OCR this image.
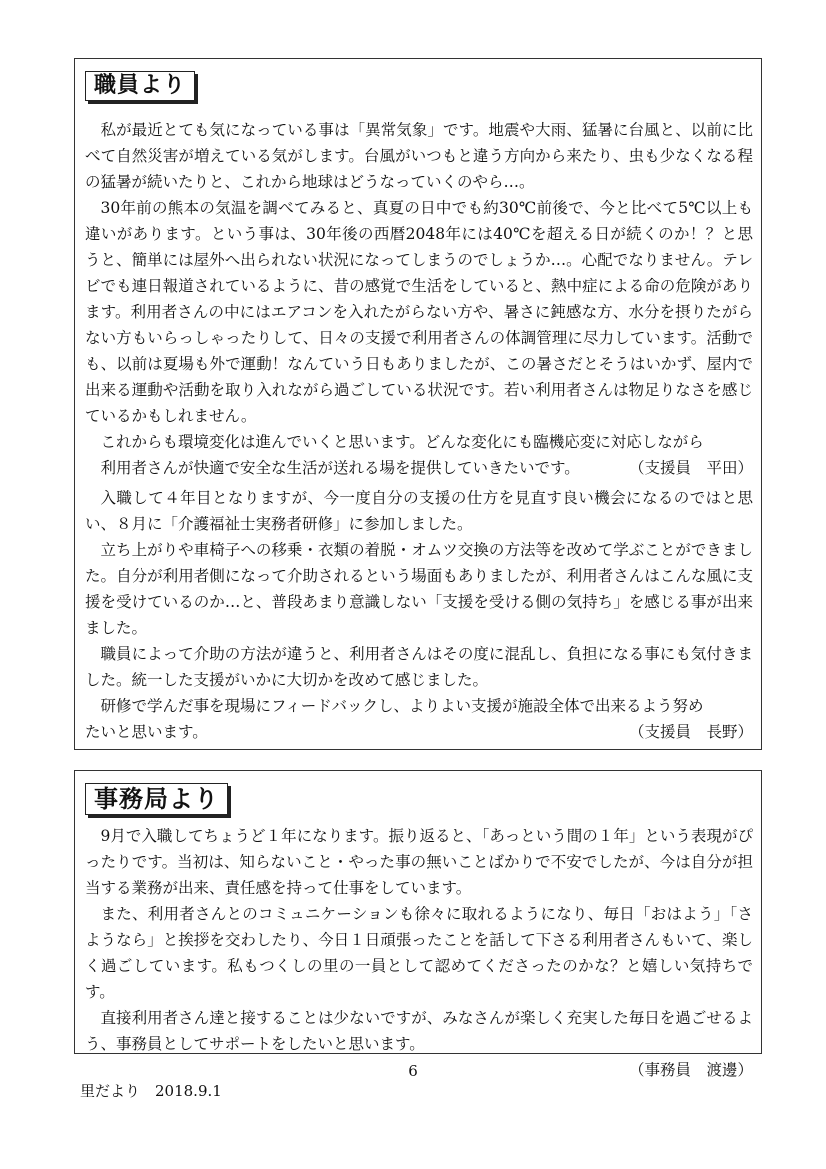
職員より

私が最近とても気になっている事は「異常気象」です。地震や大雨、猛暑に台風と、以前に比べて自然災害が増えている気がします。台風がいつもと違う方向から来たり、虫も少なくなる程の猛暑が続いたりと、これから地球はどうなっていくのやら…。

30年前の熊本の気温を調べてみると、真夏の日中でも約30℃前後で、今と比べて5℃以上も違いがあります。という事は、30年後の西暦2048年には40℃を超える日が続くのか！？と思うと、簡単には屋外へ出られない状況になってしまうのでしょうか…。心配でなりません。テレビでも連日報道されているように、昔の感覚で生活をしていると、熱中症による命の危険があります。利用者さんの中にはエアコンを入れたがらない方や、暑さに鈍感な方、水分を摂りたがらない方もいらっしゃったりして、日々の支援で利用者さんの体調管理に尽力しています。活動でも、以前は夏場も外で運動！なんていう日もありましたが、この暑さだとそうはいかず、屋内で出来る運動や活動を取り入れながら過ごしている状況です。若い利用者さんは物足りなさを感じているかもしれません。

これからも環境変化は進んでいくと思います。どんな変化にも臨機応変に対応しながら

利用者さんが快適で安全な生活が送れる場を提供していきたいです。	（支援員　平田）

入職して４年目となりますが、今一度自分の支援の仕方を見直す良い機会になるのではと思い、８月に「介護福祉士実務者研修」に参加しました。

立ち上がりや車椅子への移乗・衣類の着脱・オムツ交換の方法等を改めて学ぶことができました。自分が利用者側になって介助されるという場面もありましたが、利用者さんはこんな風に支援を受けているのか…と、普段あまり意識しない「支援を受ける側の気持ち」を感じる事が出来ました。

職員によって介助の方法が違うと、利用者さんはその度に混乱し、負担になる事にも気付きました。統一した支援がいかに大切かを改めて感じました。

研修で学んだ事を現場にフィードバックし、よりよい支援が施設全体で出来るよう努め

たいと思います。	（支援員　長野）
事務局より

9月で入職してちょうど１年になります。振り返ると、「あっという間の１年」という表現がぴったりです。当初は、知らないこと・やった事の無いことばかりで不安でしたが、今は自分が担当する業務が出来、責任感を持って仕事をしています。

また、利用者さんとのコミュニケーションも徐々に取れるようになり、毎日「おはよう」「さようなら」と挨拶を交わしたり、今日１日頑張ったことを話して下さる利用者さんもいて、楽しく過ごしています。私もつくしの里の一員として認めてくださったのかな？と嬉しい気持ちです。

直接利用者さん達と接することは少ないですが、みなさんが楽しく充実した毎日を過ごせるよう、事務員としてサポートをしたいと思います。

（事務員　渡邊）
6
里だより　2018.9.1
